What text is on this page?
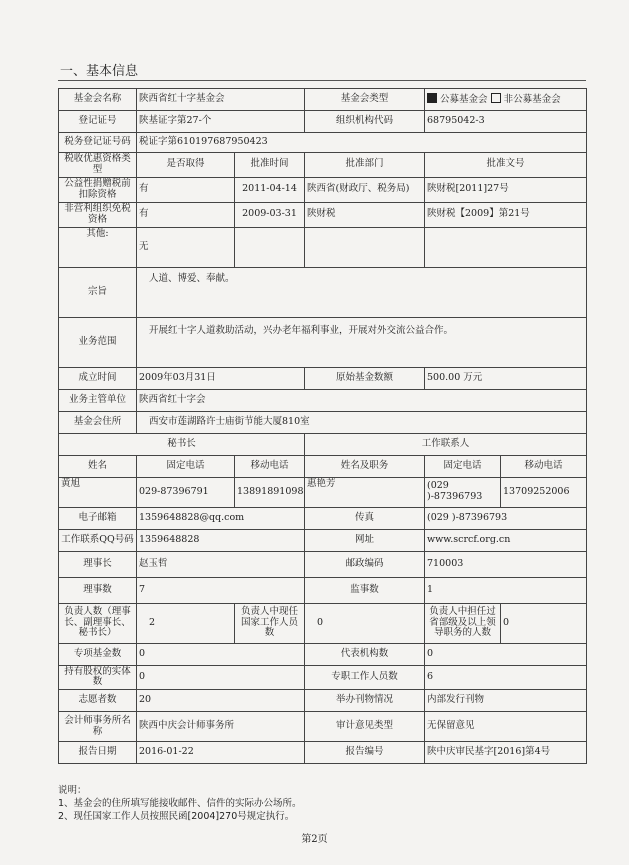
一、基本信息
基金会名称	陕西省红十字基金会		基金会类型	公募基金会 非公募基金会	
登记证号	陕基证字第27-个		组织机构代码	68795042-3	
税务登记证号码	税证字第610197687950423				
税收优惠资格类型	是否取得	批准时间	批准部门	批准文号	
公益性捐赠税前扣除资格	有	2011-04-14	陕西省(财政厅、税务局)	陕财税[2011]27号	
非营利组织免税资格	有	2009-03-31	陕财税	陕财税【2009】第21号	
其他:	无				
宗旨	人道、博爱、奉献。				
业务范围	开展红十字人道救助活动，兴办老年福利事业，开展对外交流公益合作。				
成立时间	2009年03月31日		原始基金数额	500.00 万元	
业务主管单位	陕西省红十字会				
基金会住所	西安市莲湖路许士庙街节能大厦810室				
秘书长			工作联系人		
姓名	固定电话	移动电话	姓名及职务	固定电话	移动电话
黄旭	029-87396791	13891891098	惠艳芳	(029 )-87396793	13709252006
电子邮箱	1359648828@qq.com		传真	(029 )-87396793	
工作联系QQ号码	1359648828		网址	www.scrcf.org.cn	
理事长	赵玉哲		邮政编码	710003	
理事数	7		监事数	1	
负责人数（理事长、副理事长、秘书长）	2	负责人中现任国家工作人员数	0	负责人中担任过省部级及以上领导职务的人数	0
专项基金数	0		代表机构数	0	
持有股权的实体数	0		专职工作人员数	6	
志愿者数	20		举办刊物情况	内部发行刊物	
会计师事务所名称	陕西中庆会计师事务所		审计意见类型	无保留意见	
报告日期	2016-01-22		报告编号	陕中庆审民基字[2016]第4号	
说明：
1、基金会的住所填写能接收邮件、信件的实际办公场所。
2、现任国家工作人员按照民函[2004]270号规定执行。
第2页
